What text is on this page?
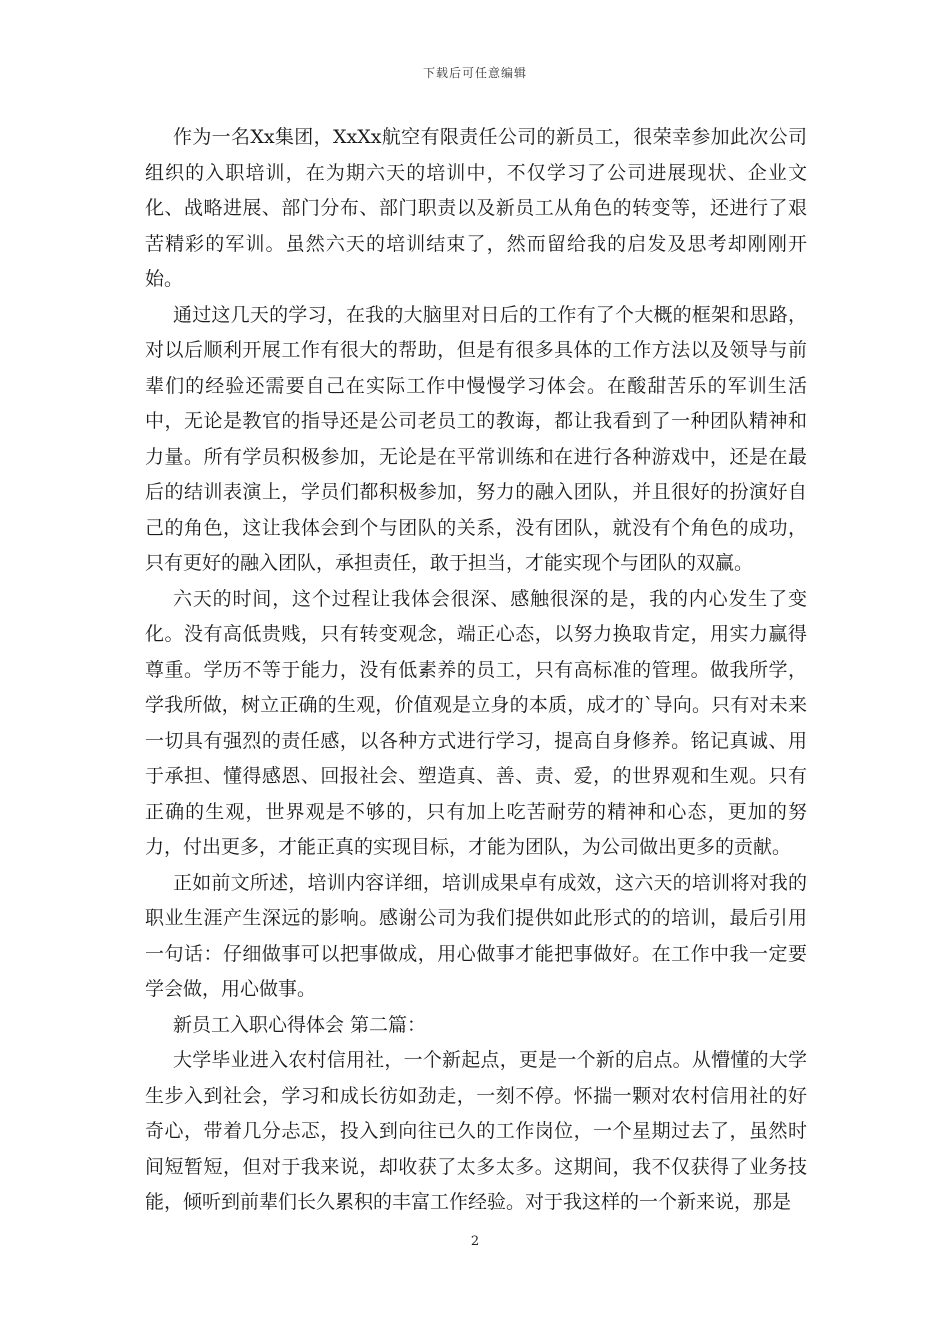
下载后可任意编辑

作为一名Xx集团，XxXx航空有限责任公司的新员工，很荣幸参加此次公司组织的入职培训，在为期六天的培训中，不仅学习了公司进展现状、企业文化、战略进展、部门分布、部门职责以及新员工从角色的转变等，还进行了艰苦精彩的军训。虽然六天的培训结束了，然而留给我的启发及思考却刚刚开始。

通过这几天的学习，在我的大脑里对日后的工作有了个大概的框架和思路，对以后顺利开展工作有很大的帮助，但是有很多具体的工作方法以及领导与前辈们的经验还需要自己在实际工作中慢慢学习体会。在酸甜苦乐的军训生活中，无论是教官的指导还是公司老员工的教诲，都让我看到了一种团队精神和力量。所有学员积极参加，无论是在平常训练和在进行各种游戏中，还是在最后的结训表演上，学员们都积极参加，努力的融入团队，并且很好的扮演好自己的角色，这让我体会到个与团队的关系，没有团队，就没有个角色的成功，只有更好的融入团队，承担责任，敢于担当，才能实现个与团队的双赢。

六天的时间，这个过程让我体会很深、感触很深的是，我的内心发生了变化。没有高低贵贱，只有转变观念，端正心态，以努力换取肯定，用实力赢得尊重。学历不等于能力，没有低素养的员工，只有高标准的管理。做我所学，学我所做，树立正确的生观，价值观是立身的本质，成才的`导向。只有对未来一切具有强烈的责任感，以各种方式进行学习，提高自身修养。铭记真诚、用于承担、懂得感恩、回报社会、塑造真、善、责、爱，的世界观和生观。只有正确的生观，世界观是不够的，只有加上吃苦耐劳的精神和心态，更加的努力，付出更多，才能正真的实现目标，才能为团队，为公司做出更多的贡献。

正如前文所述，培训内容详细，培训成果卓有成效，这六天的培训将对我的职业生涯产生深远的影响。感谢公司为我们提供如此形式的的培训，最后引用一句话：仔细做事可以把事做成，用心做事才能把事做好。在工作中我一定要学会做，用心做事。

新员工入职心得体会 第二篇：

大学毕业进入农村信用社，一个新起点，更是一个新的启点。从懵懂的大学生步入到社会，学习和成长彷如劲走，一刻不停。怀揣一颗对农村信用社的好奇心，带着几分忐忑，投入到向往已久的工作岗位，一个星期过去了，虽然时间短暂短，但对于我来说，却收获了太多太多。这期间，我不仅获得了业务技能，倾听到前辈们长久累积的丰富工作经验。对于我这样的一个新来说，那是

2
